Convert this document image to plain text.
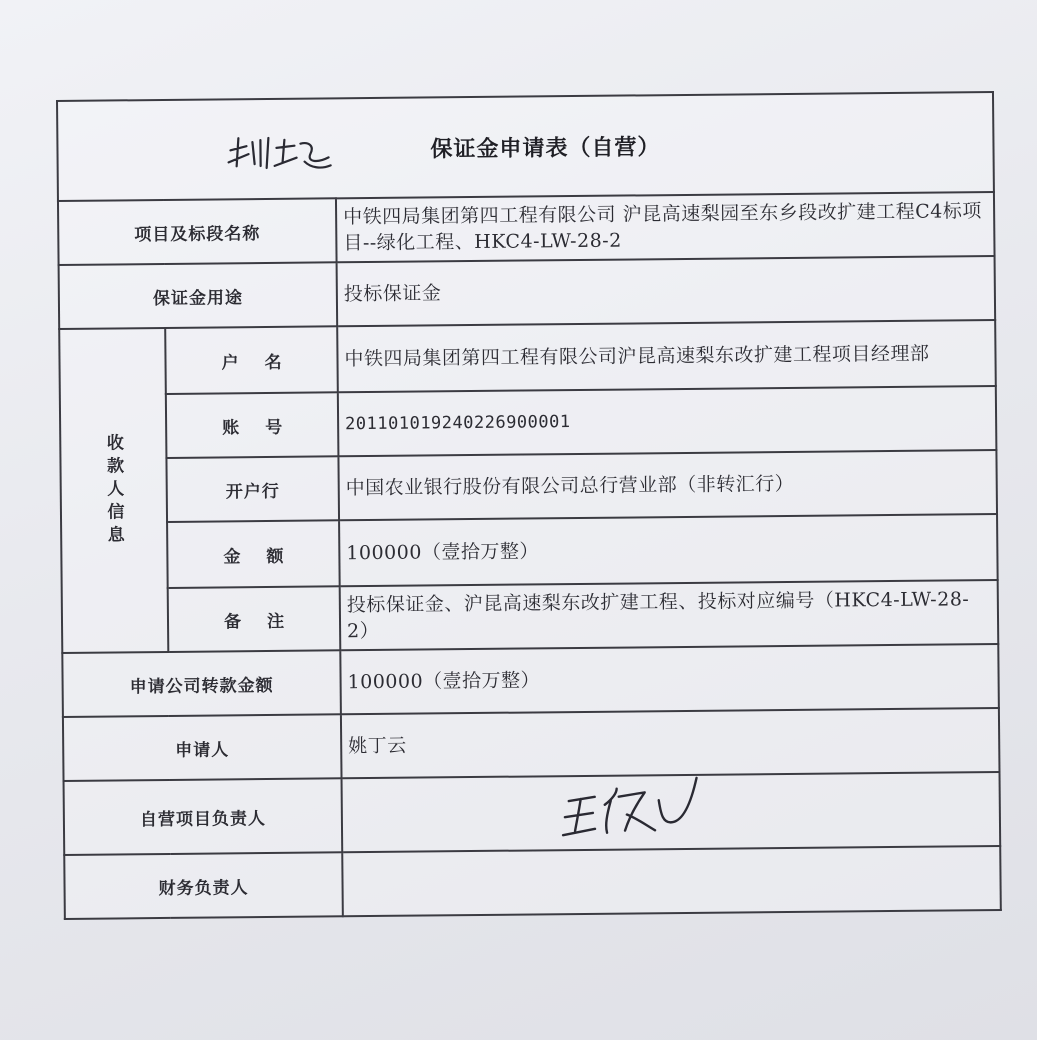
保证金申请表（自营）		
项目及标段名称		中铁四局集团第四工程有限公司 沪昆高速梨园至东乡段改扩建工程C4标项目--绿化工程、HKC4-LW-28-2
保证金用途		投标保证金

收款人信息	户名	中铁四局集团第四工程有限公司沪昆高速梨东改扩建工程项目经理部
	账号	201101019240226900001
	开户行	中国农业银行股份有限公司总行营业部（非转汇行）
	金额	100000（壹拾万整）
	备注	投标保证金、沪昆高速梨东改扩建工程、投标对应编号（HKC4-LW-28-2）
申请公司转款金额		100000（壹拾万整）
申请人		姚丁云
自营项目负责人	

财务负责人		
